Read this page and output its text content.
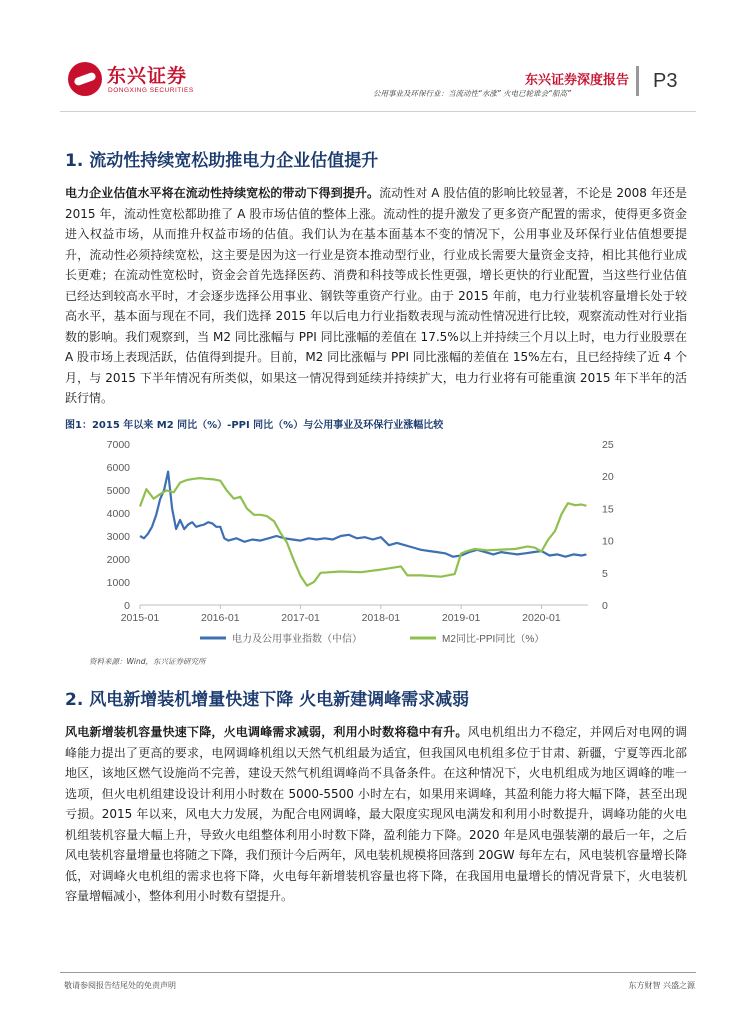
东兴证券
DONGXING SECURITIES
东兴证券深度报告
公用事业及环保行业：当流动性“水涨” 火电已轮谁会“船高”
P3
1. 流动性持续宽松助推电力企业估值提升
电力企业估值水平将在流动性持续宽松的带动下得到提升。流动性对 A 股估值的影响比较显著，不论是 2008 年还是 2015 年，流动性宽松都助推了 A 股市场估值的整体上涨。流动性的提升激发了更多资产配置的需求，使得更多资金进入权益市场，从而推升权益市场的估值。我们认为在基本面基本不变的情况下，公用事业及环保行业估值想要提升，流动性必须持续宽松，这主要是因为这一行业是资本推动型行业，行业成长需要大量资金支持，相比其他行业成长更难；在流动性宽松时，资金会首先选择医药、消费和科技等成长性更强，增长更快的行业配置，当这些行业估值已经达到较高水平时，才会逐步选择公用事业、钢铁等重资产行业。由于 2015 年前，电力行业装机容量增长处于较高水平，基本面与现在不同，我们选择 2015 年以后电力行业指数表现与流动性情况进行比较，观察流动性对行业指数的影响。我们观察到，当 M2 同比涨幅与 PPI 同比涨幅的差值在 17.5%以上并持续三个月以上时，电力行业股票在 A 股市场上表现活跃，估值得到提升。目前，M2 同比涨幅与 PPI 同比涨幅的差值在 15%左右，且已经持续了近 4 个月，与 2015 下半年情况有所类似，如果这一情况得到延续并持续扩大，电力行业将有可能重演 2015 年下半年的活跃行情。
图1：2015 年以来 M2 同比（%）-PPI 同比（%）与公用事业及环保行业涨幅比较
0
1000
2000
3000
4000
5000
6000
7000
0
5
10
15
20
25
2015-01	2016-01	2017-01	2018-01	2019-01	2020-01
电力及公用事业指数（中信）	M2同比-PPI同比（%）
资料来源：Wind，东兴证券研究所
2. 风电新增装机增量快速下降 火电新建调峰需求减弱
风电新增装机容量快速下降，火电调峰需求减弱，利用小时数将稳中有升。风电机组出力不稳定，并网后对电网的调峰能力提出了更高的要求，电网调峰机组以天然气机组最为适宜，但我国风电机组多位于甘肃、新疆，宁夏等西北部地区，该地区燃气设施尚不完善，建设天然气机组调峰尚不具备条件。在这种情况下，火电机组成为地区调峰的唯一选项，但火电机组建设设计利用小时数在 5000-5500 小时左右，如果用来调峰，其盈利能力将大幅下降，甚至出现亏损。2015 年以来，风电大力发展，为配合电网调峰，最大限度实现风电满发和利用小时数提升，调峰功能的火电机组装机容量大幅上升，导致火电组整体利用小时数下降，盈利能力下降。2020 年是风电强装潮的最后一年，之后风电装机容量增量也将随之下降，我们预计今后两年，风电装机规模将回落到 20GW 每年左右，风电装机容量增长降低，对调峰火电机组的需求也将下降，火电每年新增装机容量也将下降，在我国用电量增长的情况背景下，火电装机容量增幅减小，整体利用小时数有望提升。
敬请参阅报告结尾处的免责声明	东方财智 兴盛之源
